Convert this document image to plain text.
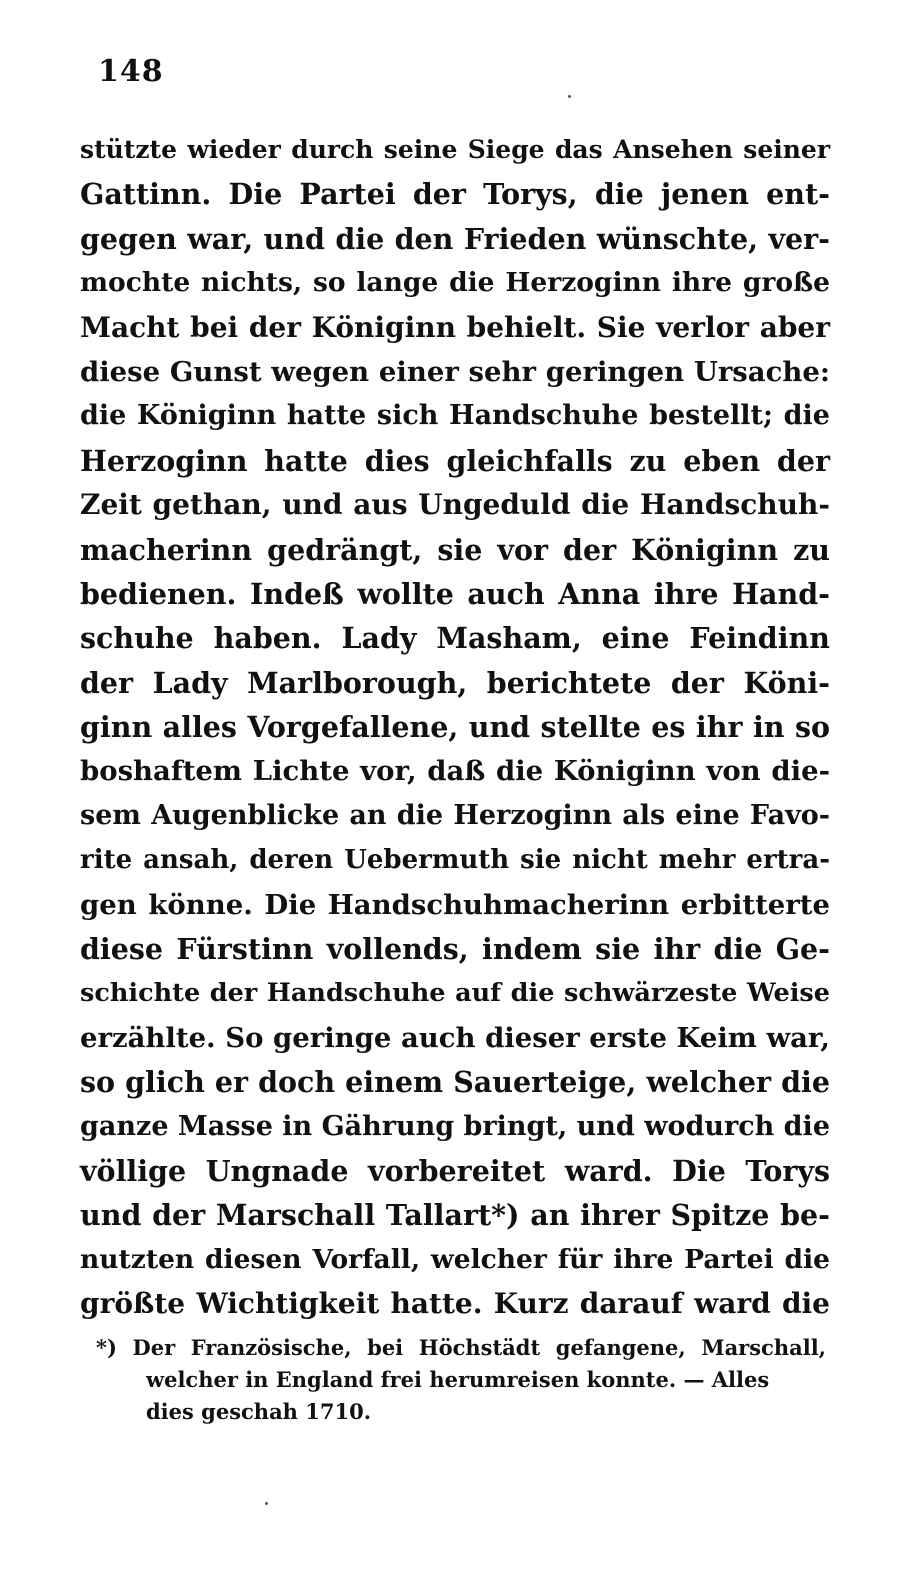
148
stützte wieder durch seine Siege das Ansehen seiner
Gattinn. Die Partei der Torys, die jenen ent-
gegen war, und die den Frieden wünschte, ver-
mochte nichts, so lange die Herzoginn ihre große
Macht bei der Königinn behielt. Sie verlor aber
diese Gunst wegen einer sehr geringen Ursache:
die Königinn hatte sich Handschuhe bestellt; die
Herzoginn hatte dies gleichfalls zu eben der
Zeit gethan, und aus Ungeduld die Handschuh-
macherinn gedrängt, sie vor der Königinn zu
bedienen. Indeß wollte auch Anna ihre Hand-
schuhe haben. Lady Masham, eine Feindinn
der Lady Marlborough, berichtete der Köni-
ginn alles Vorgefallene, und stellte es ihr in so
boshaftem Lichte vor, daß die Königinn von die-
sem Augenblicke an die Herzoginn als eine Favo-
rite ansah, deren Uebermuth sie nicht mehr ertra-
gen könne. Die Handschuhmacherinn erbitterte
diese Fürstinn vollends, indem sie ihr die Ge-
schichte der Handschuhe auf die schwärzeste Weise
erzählte. So geringe auch dieser erste Keim war,
so glich er doch einem Sauerteige, welcher die
ganze Masse in Gährung bringt, und wodurch die
völlige Ungnade vorbereitet ward. Die Torys
und der Marschall Tallart*) an ihrer Spitze be-
nutzten diesen Vorfall, welcher für ihre Partei die
größte Wichtigkeit hatte. Kurz darauf ward die
*) Der Französische, bei Höchstädt gefangene, Marschall,
welcher in England frei herumreisen konnte. — Alles
dies geschah 1710.
